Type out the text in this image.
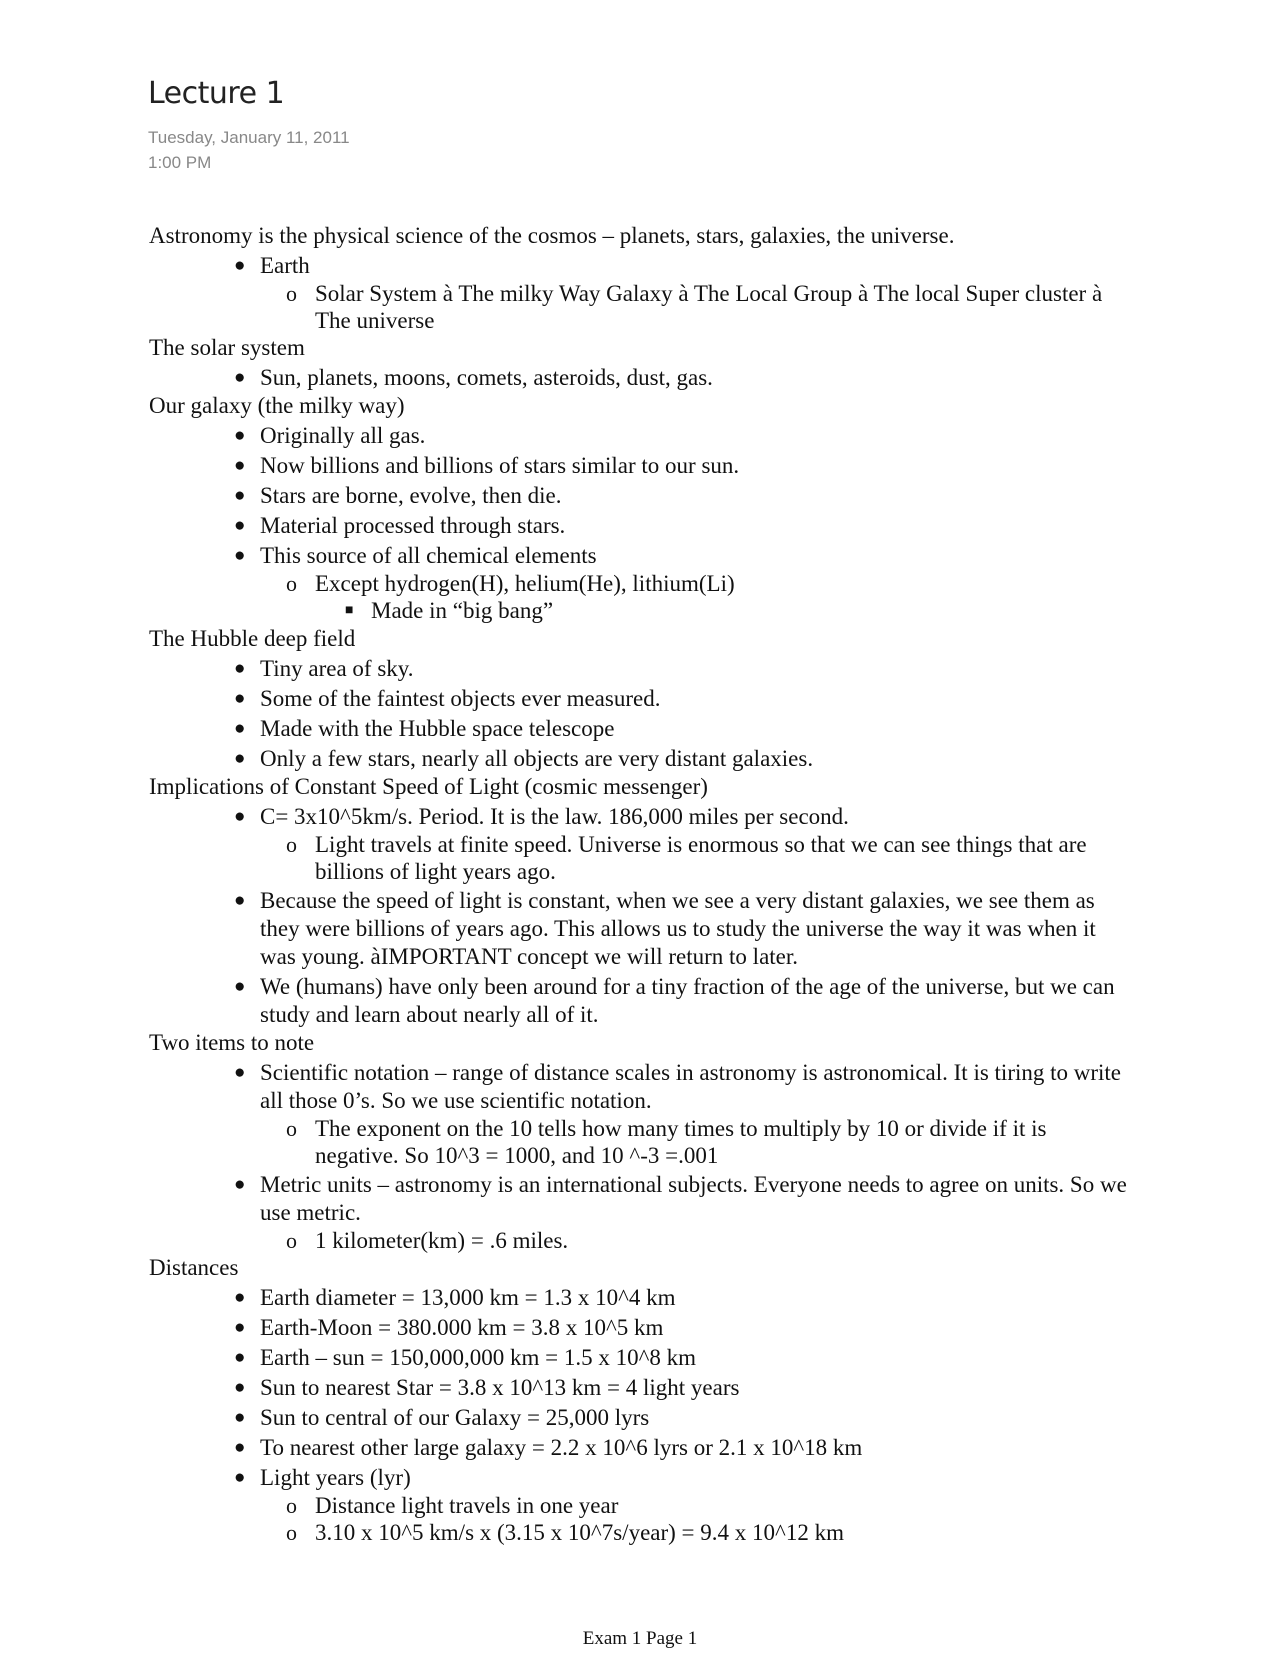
Lecture 1
Tuesday, January 11, 2011
1:00 PM
Astronomy is the physical science of the cosmos – planets, stars, galaxies, the universe.
● Earth
o Solar System à The milky Way Galaxy à The Local Group à The local Super cluster à The universe
The solar system
● Sun, planets, moons, comets, asteroids, dust, gas.
Our galaxy (the milky way)
● Originally all gas.
● Now billions and billions of stars similar to our sun.
● Stars are borne, evolve, then die.
● Material processed through stars.
● This source of all chemical elements
o Except hydrogen(H), helium(He), lithium(Li)
■ Made in “big bang”
The Hubble deep field
● Tiny area of sky.
● Some of the faintest objects ever measured.
● Made with the Hubble space telescope
● Only a few stars, nearly all objects are very distant galaxies.
Implications of Constant Speed of Light (cosmic messenger)
● C= 3x10^5km/s. Period. It is the law. 186,000 miles per second.
o Light travels at finite speed. Universe is enormous so that we can see things that are billions of light years ago.
● Because the speed of light is constant, when we see a very distant galaxies, we see them as they were billions of years ago. This allows us to study the universe the way it was when it was young. àIMPORTANT concept we will return to later.
● We (humans) have only been around for a tiny fraction of the age of the universe, but we can study and learn about nearly all of it.
Two items to note
● Scientific notation – range of distance scales in astronomy is astronomical. It is tiring to write all those 0’s. So we use scientific notation.
o The exponent on the 10 tells how many times to multiply by 10 or divide if it is negative. So 10^3 = 1000, and 10 ^-3 =.001
● Metric units – astronomy is an international subjects. Everyone needs to agree on units. So we use metric.
o 1 kilometer(km) = .6 miles.
Distances
● Earth diameter = 13,000 km = 1.3 x 10^4 km
● Earth-Moon = 380.000 km = 3.8 x 10^5 km
● Earth – sun = 150,000,000 km = 1.5 x 10^8 km
● Sun to nearest Star = 3.8 x 10^13 km = 4 light years
● Sun to central of our Galaxy = 25,000 lyrs
● To nearest other large galaxy = 2.2 x 10^6 lyrs or 2.1 x 10^18 km
● Light years (lyr)
o Distance light travels in one year
o 3.10 x 10^5 km/s x (3.15 x 10^7s/year) = 9.4 x 10^12 km
Exam 1 Page 1
